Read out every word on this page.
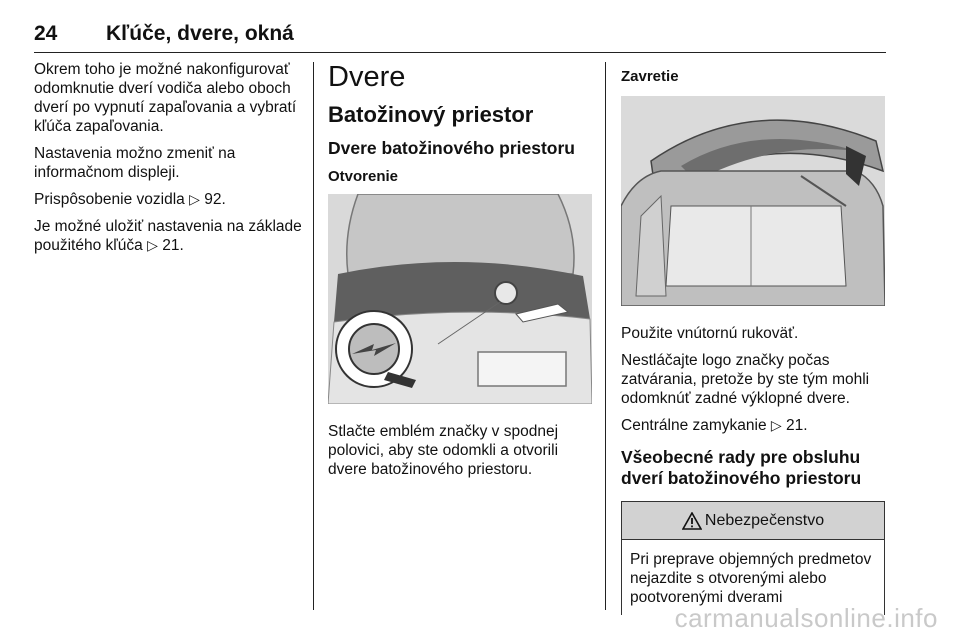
24 Kľúče, dvere, okná

Okrem toho je možné nakonfigurovať odomknutie dverí vodiča alebo oboch dverí po vypnutí zapaľovania a vybratí kľúča zapaľovania.

Nastavenia možno zmeniť na informačnom displeji.

Prispôsobenie vozidla ▷ 92.

Je možné uložiť nastavenia na základe použitého kľúča ▷ 21.

Dvere
Batožinový priestor
Dvere batožinového priestoru
Otvorenie

Stlačte emblém značky v spodnej polovici, aby ste odomkli a otvorili dvere batožinového priestoru.

Zavretie

Použite vnútornú rukoväť.

Nestláčajte logo značky počas zatvárania, pretože by ste tým mohli odomknúť zadné výklopné dvere.

Centrálne zamykanie ▷ 21.

Všeobecné rady pre obsluhu dverí batožinového priestoru
Nebezpečenstvo

Pri preprave objemných predmetov nejazdite s otvorenými alebo pootvorenými dverami

carmanualsonline.info
